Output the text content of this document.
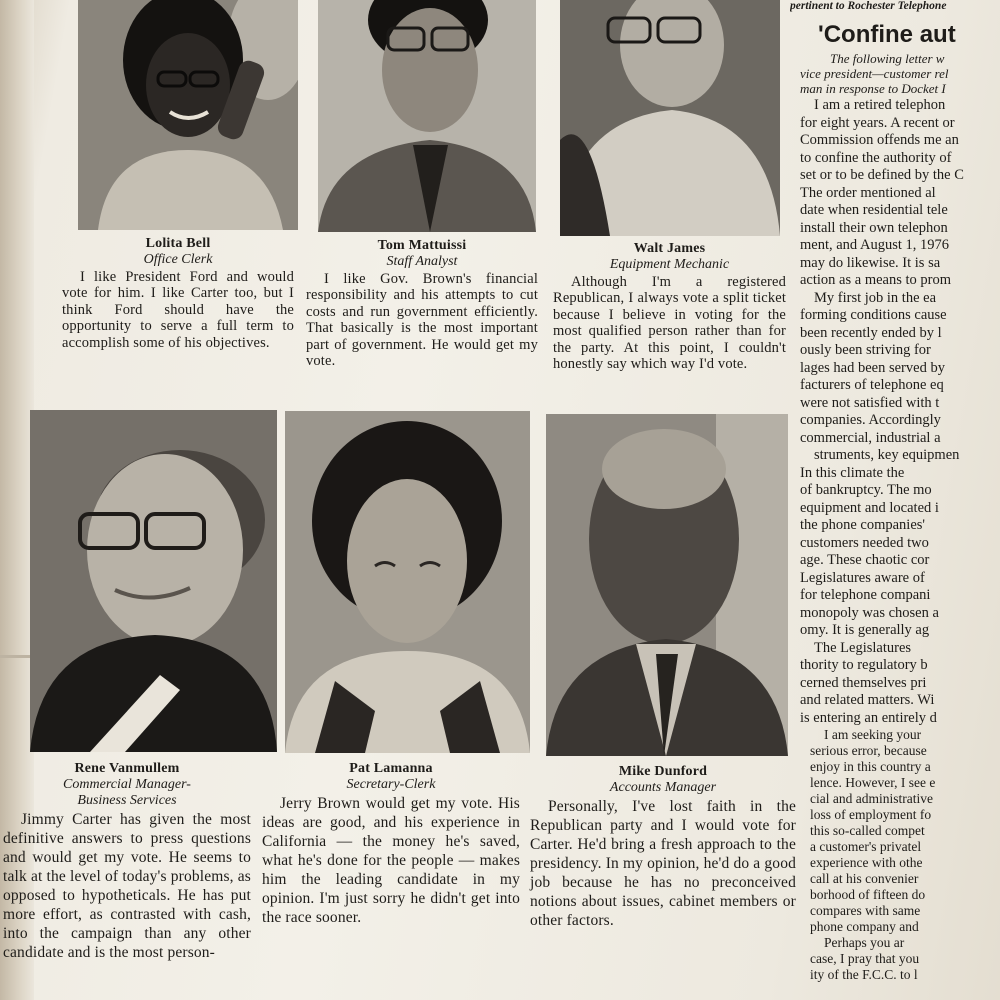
Lolita Bell
Office Clerk
I like President Ford and would vote for him. I like Carter too, but I think Ford should have the opportunity to serve a full term to accomplish some of his objectives.
Tom Mattuissi
Staff Analyst
I like Gov. Brown's financial responsibility and his attempts to cut costs and run government efficiently. That basically is the most important part of government. He would get my vote.
Walt James
Equipment Mechanic
Although I'm a registered Republican, I always vote a split ticket because I believe in voting for the most qualified person rather than for the party. At this point, I couldn't honestly say which way I'd vote.
Rene Vanmullem
Commercial Manager-
Business Services
Jimmy Carter has given the most definitive answers to press questions and would get my vote. He seems to talk at the level of today's problems, as opposed to hypotheticals. He has put more effort, as contrasted with cash, into the campaign than any other candidate and is the most person-
Pat Lamanna
Secretary-Clerk
Jerry Brown would get my vote. His ideas are good, and his experience in California — the money he's saved, what he's done for the people — makes him the leading candidate in my opinion. I'm just sorry he didn't get into the race sooner.
Mike Dunford
Accounts Manager
Personally, I've lost faith in the Republican party and I would vote for Carter. He'd bring a fresh approach to the presidency. In my opinion, he'd do a good job because he has no preconceived notions about issues, cabinet members or other factors.

pertinent to Rochester Telephone

'Confine aut

The following letter w

vice president—customer rel

man in response to Docket I

I am a retired telephon

for eight years. A recent or

Commission offends me an

to confine the authority of

set or to be defined by the C

The order mentioned al

date when residential tele

install their own telephon

ment, and August 1, 1976

may do likewise. It is sa

action as a means to prom

My first job in the ea

forming conditions cause

been recently ended by l

ously been striving for

lages had been served by

facturers of telephone eq

were not satisfied with t

companies. Accordingly

commercial, industrial a

struments, key equipmen

In this climate the

of bankruptcy. The mo

equipment and located i

the phone companies'

customers needed two

age. These chaotic cor

Legislatures aware of

for telephone compani

monopoly was chosen a

omy. It is generally ag

The Legislatures

thority to regulatory b

cerned themselves pri

and related matters. Wi

is entering an entirely d

I am seeking your

serious error, because

enjoy in this country a

lence. However, I see e

cial and administrative

loss of employment fo

this so-called compet

a customer's privatel

experience with othe

call at his convenier

borhood of fifteen do

compares with same

phone company and

Perhaps you ar

case, I pray that you

ity of the F.C.C. to l
